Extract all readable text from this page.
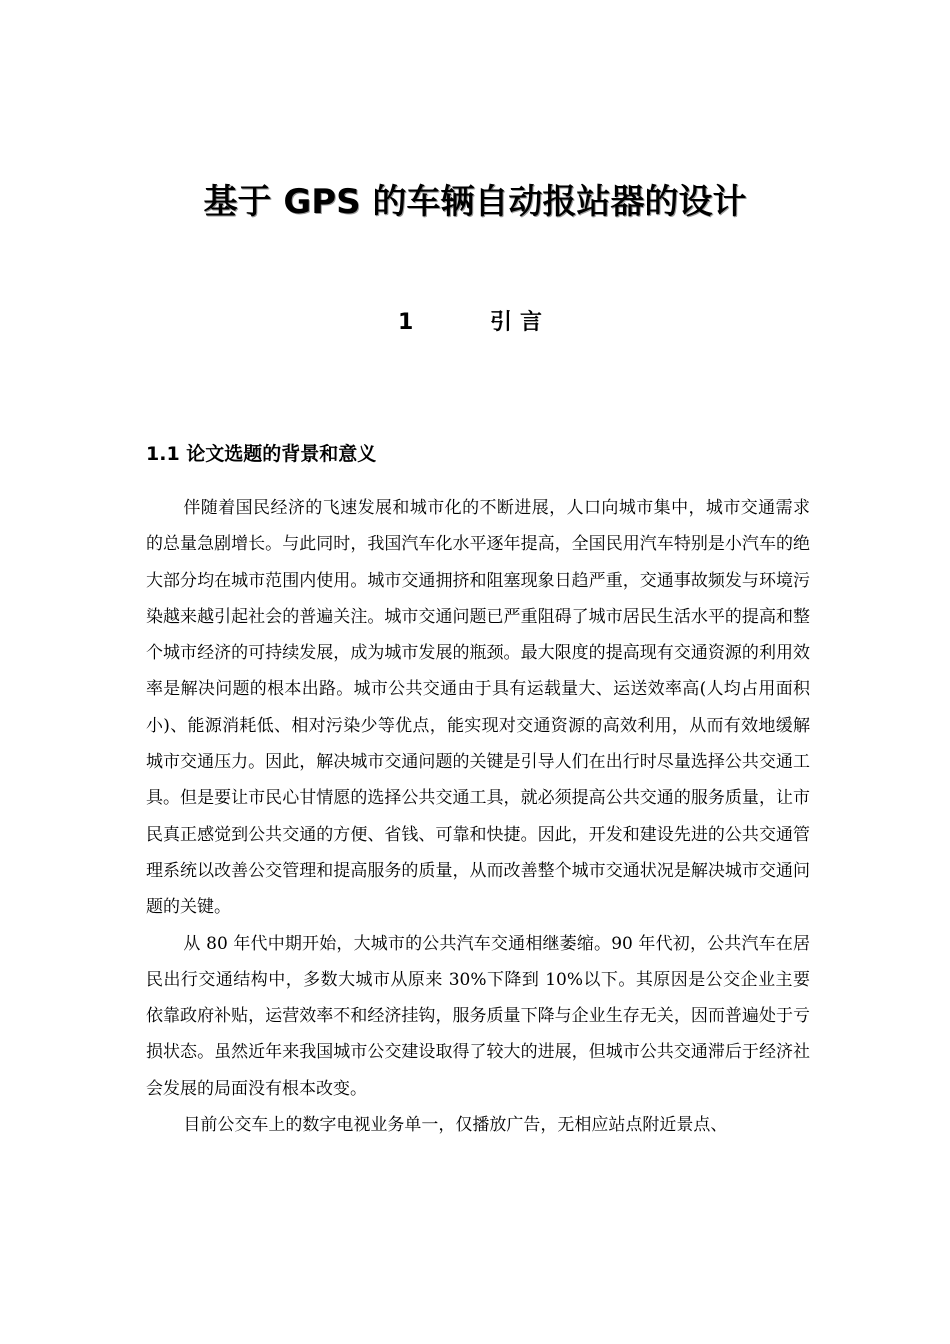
基于 GPS 的车辆自动报站器的设计
1	引言
1.1 论文选题的背景和意义

伴随着国民经济的飞速发展和城市化的不断进展，人口向城市集中，城市交通需求的总量急剧增长。与此同时，我国汽车化水平逐年提高，全国民用汽车特别是小汽车的绝大部分均在城市范围内使用。城市交通拥挤和阻塞现象日趋严重，交通事故频发与环境污染越来越引起社会的普遍关注。城市交通问题已严重阻碍了城市居民生活水平的提高和整个城市经济的可持续发展，成为城市发展的瓶颈。最大限度的提高现有交通资源的利用效率是解决问题的根本出路。城市公共交通由于具有运载量大、运送效率高(人均占用面积小)、能源消耗低、相对污染少等优点，能实现对交通资源的高效利用，从而有效地缓解城市交通压力。因此，解决城市交通问题的关键是引导人们在出行时尽量选择公共交通工具。但是要让市民心甘情愿的选择公共交通工具，就必须提高公共交通的服务质量，让市民真正感觉到公共交通的方便、省钱、可靠和快捷。因此，开发和建设先进的公共交通管理系统以改善公交管理和提高服务的质量，从而改善整个城市交通状况是解决城市交通问题的关键。

从 80 年代中期开始，大城市的公共汽车交通相继萎缩。90 年代初，公共汽车在居民出行交通结构中，多数大城市从原来 30%下降到 10%以下。其原因是公交企业主要依靠政府补贴，运营效率不和经济挂钩，服务质量下降与企业生存无关，因而普遍处于亏损状态。虽然近年来我国城市公交建设取得了较大的进展，但城市公共交通滞后于经济社会发展的局面没有根本改变。

目前公交车上的数字电视业务单一，仅播放广告，无相应站点附近景点、
